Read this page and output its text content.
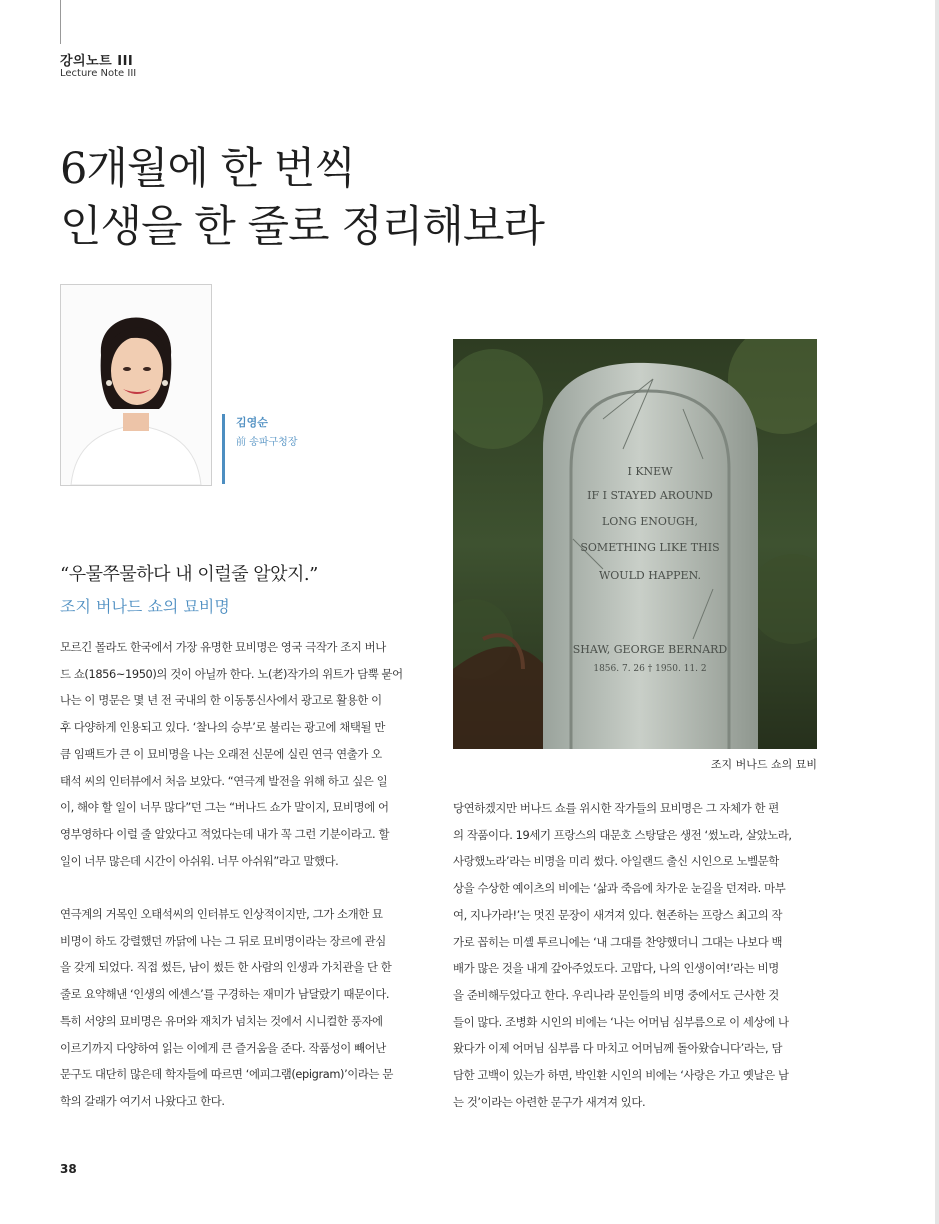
강의노트 III
Lecture Note III
6개월에 한 번씩
인생을 한 줄로 정리해보라
김영순
前 송파구청장
I KNEW
IF I STAYED AROUND
LONG ENOUGH,
SOMETHING LIKE THIS
WOULD HAPPEN.
SHAW, GEORGE BERNARD
1856. 7. 26 † 1950. 11. 2
조지 버나드 쇼의 묘비
“우물쭈물하다 내 이럴줄 알았지.”
조지 버나드 쇼의 묘비명
모르긴 몰라도 한국에서 가장 유명한 묘비명은 영국 극작가 조지 버나
드 쇼(1856~1950)의 것이 아닐까 한다. 노(老)작가의 위트가 담뿍 묻어
나는 이 명문은 몇 년 전 국내의 한 이동통신사에서 광고로 활용한 이
후 다양하게 인용되고 있다. ‘찰나의 승부’로 불리는 광고에 채택될 만
큼 임팩트가 큰 이 묘비명을 나는 오래전 신문에 실린 연극 연출가 오
태석 씨의 인터뷰에서 처음 보았다. “연극계 발전을 위해 하고 싶은 일
이, 해야 할 일이 너무 많다”던 그는 “버나드 쇼가 말이지, 묘비명에 어
영부영하다 이럴 줄 알았다고 적었다는데 내가 꼭 그런 기분이라고. 할
일이 너무 많은데 시간이 아쉬워. 너무 아쉬워”라고 말했다.
연극계의 거목인 오태석씨의 인터뷰도 인상적이지만, 그가 소개한 묘
비명이 하도 강렬했던 까닭에 나는 그 뒤로 묘비명이라는 장르에 관심
을 갖게 되었다. 직접 썼든, 남이 썼든 한 사람의 인생과 가치관을 단 한
줄로 요약해낸 ‘인생의 에센스’를 구경하는 재미가 남달랐기 때문이다.
특히 서양의 묘비명은 유머와 재치가 넘치는 것에서 시니컬한 풍자에
이르기까지 다양하여 읽는 이에게 큰 즐거움을 준다. 작품성이 빼어난
문구도 대단히 많은데 학자들에 따르면 ‘에피그램(epigram)’이라는 문
학의 갈래가 여기서 나왔다고 한다.
당연하겠지만 버나드 쇼를 위시한 작가들의 묘비명은 그 자체가 한 편
의 작품이다. 19세기 프랑스의 대문호 스탕달은 생전 ‘썼노라, 살았노라,
사랑했노라’라는 비명을 미리 썼다. 아일랜드 출신 시인으로 노벨문학
상을 수상한 예이츠의 비에는 ‘삶과 죽음에 차가운 눈길을 던져라. 마부
여, 지나가라!’는 멋진 문장이 새겨져 있다. 현존하는 프랑스 최고의 작
가로 꼽히는 미셸 투르니에는 ‘내 그대를 찬양했더니 그대는 나보다 백
배가 많은 것을 내게 갚아주었도다. 고맙다, 나의 인생이여!’라는 비명
을 준비해두었다고 한다. 우리나라 문인들의 비명 중에서도 근사한 것
들이 많다. 조병화 시인의 비에는 ‘나는 어머님 심부름으로 이 세상에 나
왔다가 이제 어머님 심부름 다 마치고 어머님께 돌아왔습니다’라는, 담
담한 고백이 있는가 하면, 박인환 시인의 비에는 ‘사랑은 가고 옛날은 남
는 것’이라는 아련한 문구가 새겨져 있다.
38
